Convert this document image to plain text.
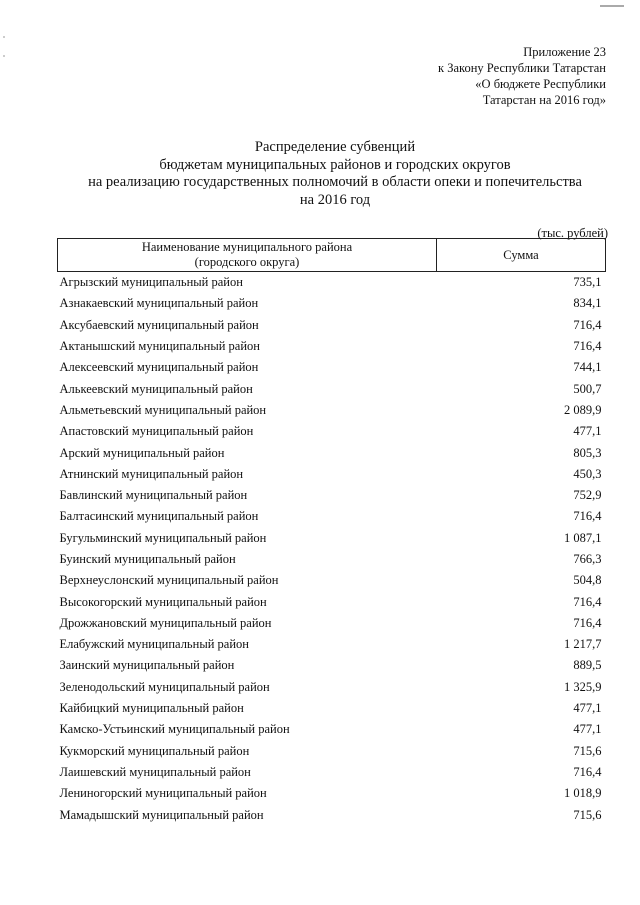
Приложение 23
к Закону Республики Татарстан
«О бюджете Республики
Татарстан на 2016 год»
Распределение субвенций
бюджетам муниципальных районов и городских округов
на реализацию государственных полномочий в области опеки и попечительства
на 2016 год
(тыс. рублей)
Наименование муниципального района
(городского округа)	Сумма
Агрызский муниципальный район	735,1
Азнакаевский муниципальный район	834,1
Аксубаевский муниципальный район	716,4
Актанышский муниципальный район	716,4
Алексеевский муниципальный район	744,1
Алькеевский муниципальный район	500,7
Альметьевский муниципальный район	2 089,9
Апастовский муниципальный район	477,1
Арский муниципальный район	805,3
Атнинский муниципальный район	450,3
Бавлинский муниципальный район	752,9
Балтасинский муниципальный район	716,4
Бугульминский муниципальный район	1 087,1
Буинский муниципальный район	766,3
Верхнеуслонский муниципальный район	504,8
Высокогорский муниципальный район	716,4
Дрожжановский муниципальный район	716,4
Елабужский муниципальный район	1 217,7
Заинский муниципальный район	889,5
Зеленодольский муниципальный район	1 325,9
Кайбицкий муниципальный район	477,1
Камско-Устьинский муниципальный район	477,1
Кукморский муниципальный район	715,6
Лаишевский муниципальный район	716,4
Лениногорский муниципальный район	1 018,9
Мамадышский муниципальный район	715,6
